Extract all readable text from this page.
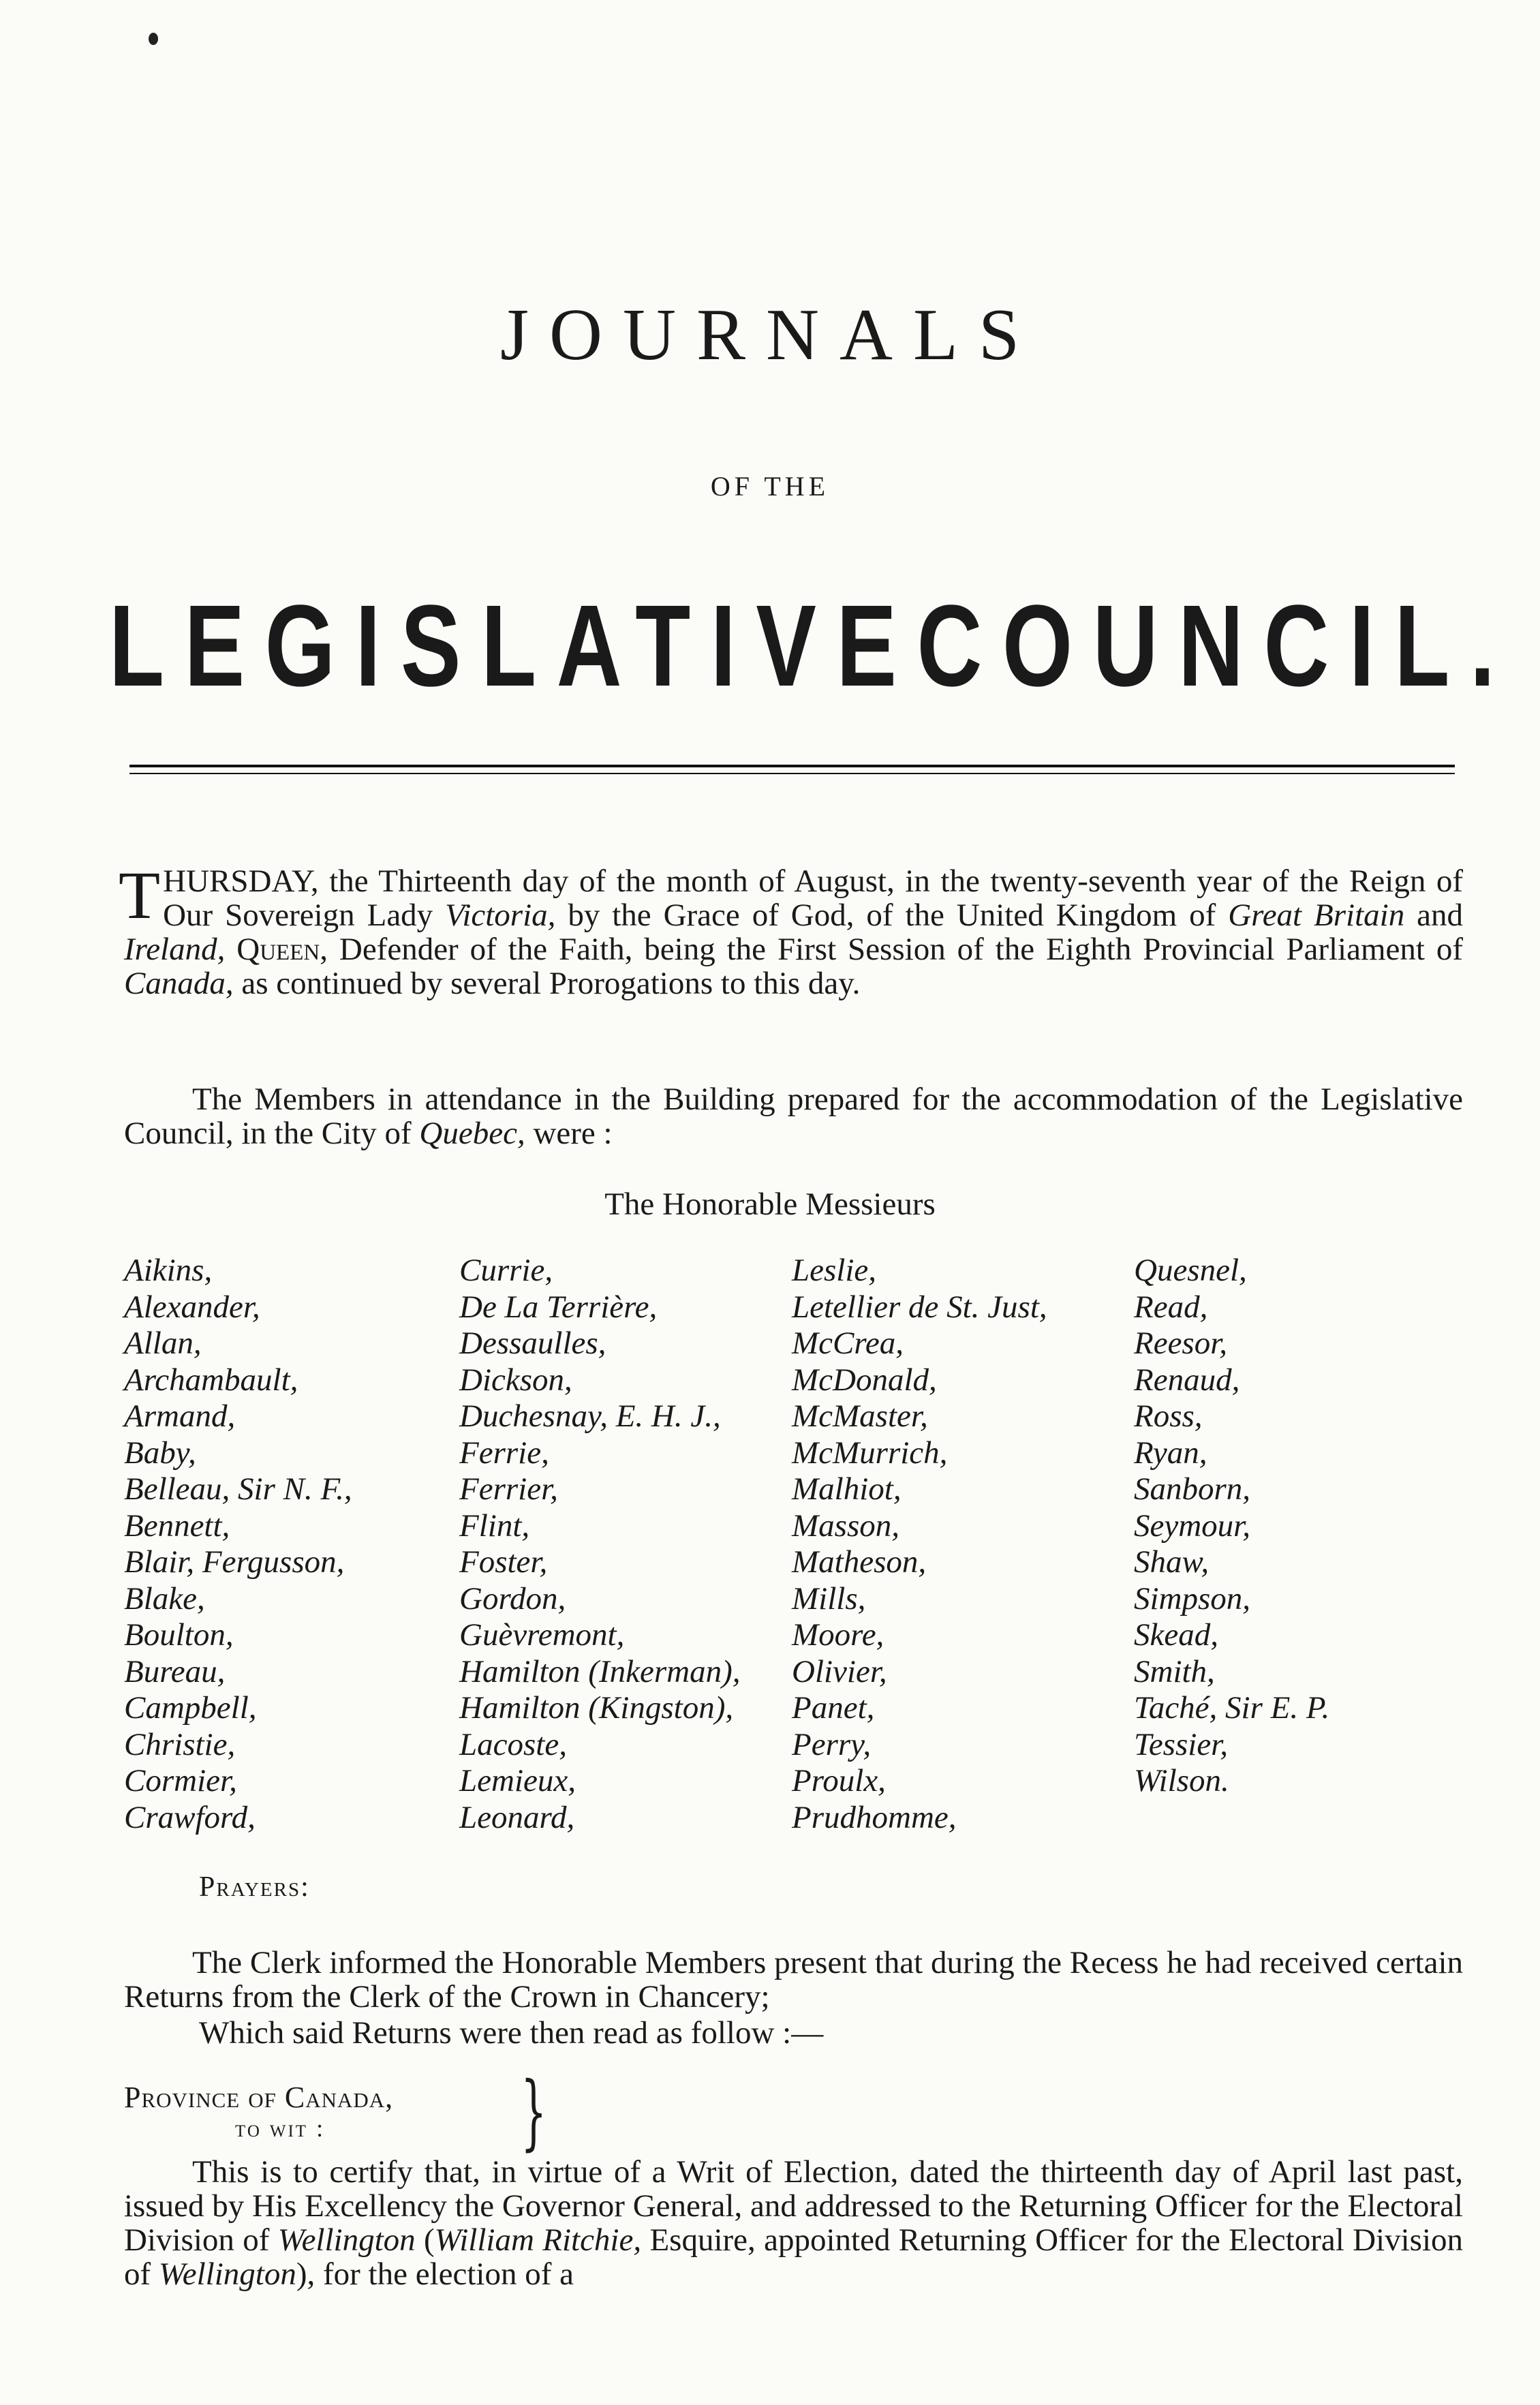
JOURNALS
OF THE
LEGISLATIVE COUNCIL.
THURSDAY, the Thirteenth day of the month of August, in the twenty-seventh year of the Reign of Our Sovereign Lady Victoria, by the Grace of God, of the United Kingdom of Great Britain and Ireland, Queen, Defender of the Faith, being the First Session of the Eighth Provincial Parliament of Canada, as continued by several Prorogations to this day.
The Members in attendance in the Building prepared for the accommodation of the Legislative Council, in the City of Quebec, were :
The Honorable Messieurs
Aikins,
Alexander,
Allan,
Archambault,
Armand,
Baby,
Belleau, Sir N. F.,
Bennett,
Blair, Fergusson,
Blake,
Boulton,
Bureau,
Campbell,
Christie,
Cormier,
Crawford,
Currie,
De La Terrière,
Dessaulles,
Dickson,
Duchesnay, E. H. J.,
Ferrie,
Ferrier,
Flint,
Foster,
Gordon,
Guèvremont,
Hamilton (Inkerman),
Hamilton (Kingston),
Lacoste,
Lemieux,
Leonard,
Leslie,
Letellier de St. Just,
McCrea,
McDonald,
McMaster,
McMurrich,
Malhiot,
Masson,
Matheson,
Mills,
Moore,
Olivier,
Panet,
Perry,
Proulx,
Prudhomme,
Quesnel,
Read,
Reesor,
Renaud,
Ross,
Ryan,
Sanborn,
Seymour,
Shaw,
Simpson,
Skead,
Smith,
Taché, Sir E. P.
Tessier,
Wilson.
Prayers:
The Clerk informed the Honorable Members present that during the Recess he had received certain Returns from the Clerk of the Crown in Chancery;
Which said Returns were then read as follow :—
Province of Canada,
to wit : }
This is to certify that, in virtue of a Writ of Election, dated the thirteenth day of April last past, issued by His Excellency the Governor General, and addressed to the Returning Officer for the Electoral Division of Wellington (William Ritchie, Esquire, appointed Returning Officer for the Electoral Division of Wellington), for the election of a
